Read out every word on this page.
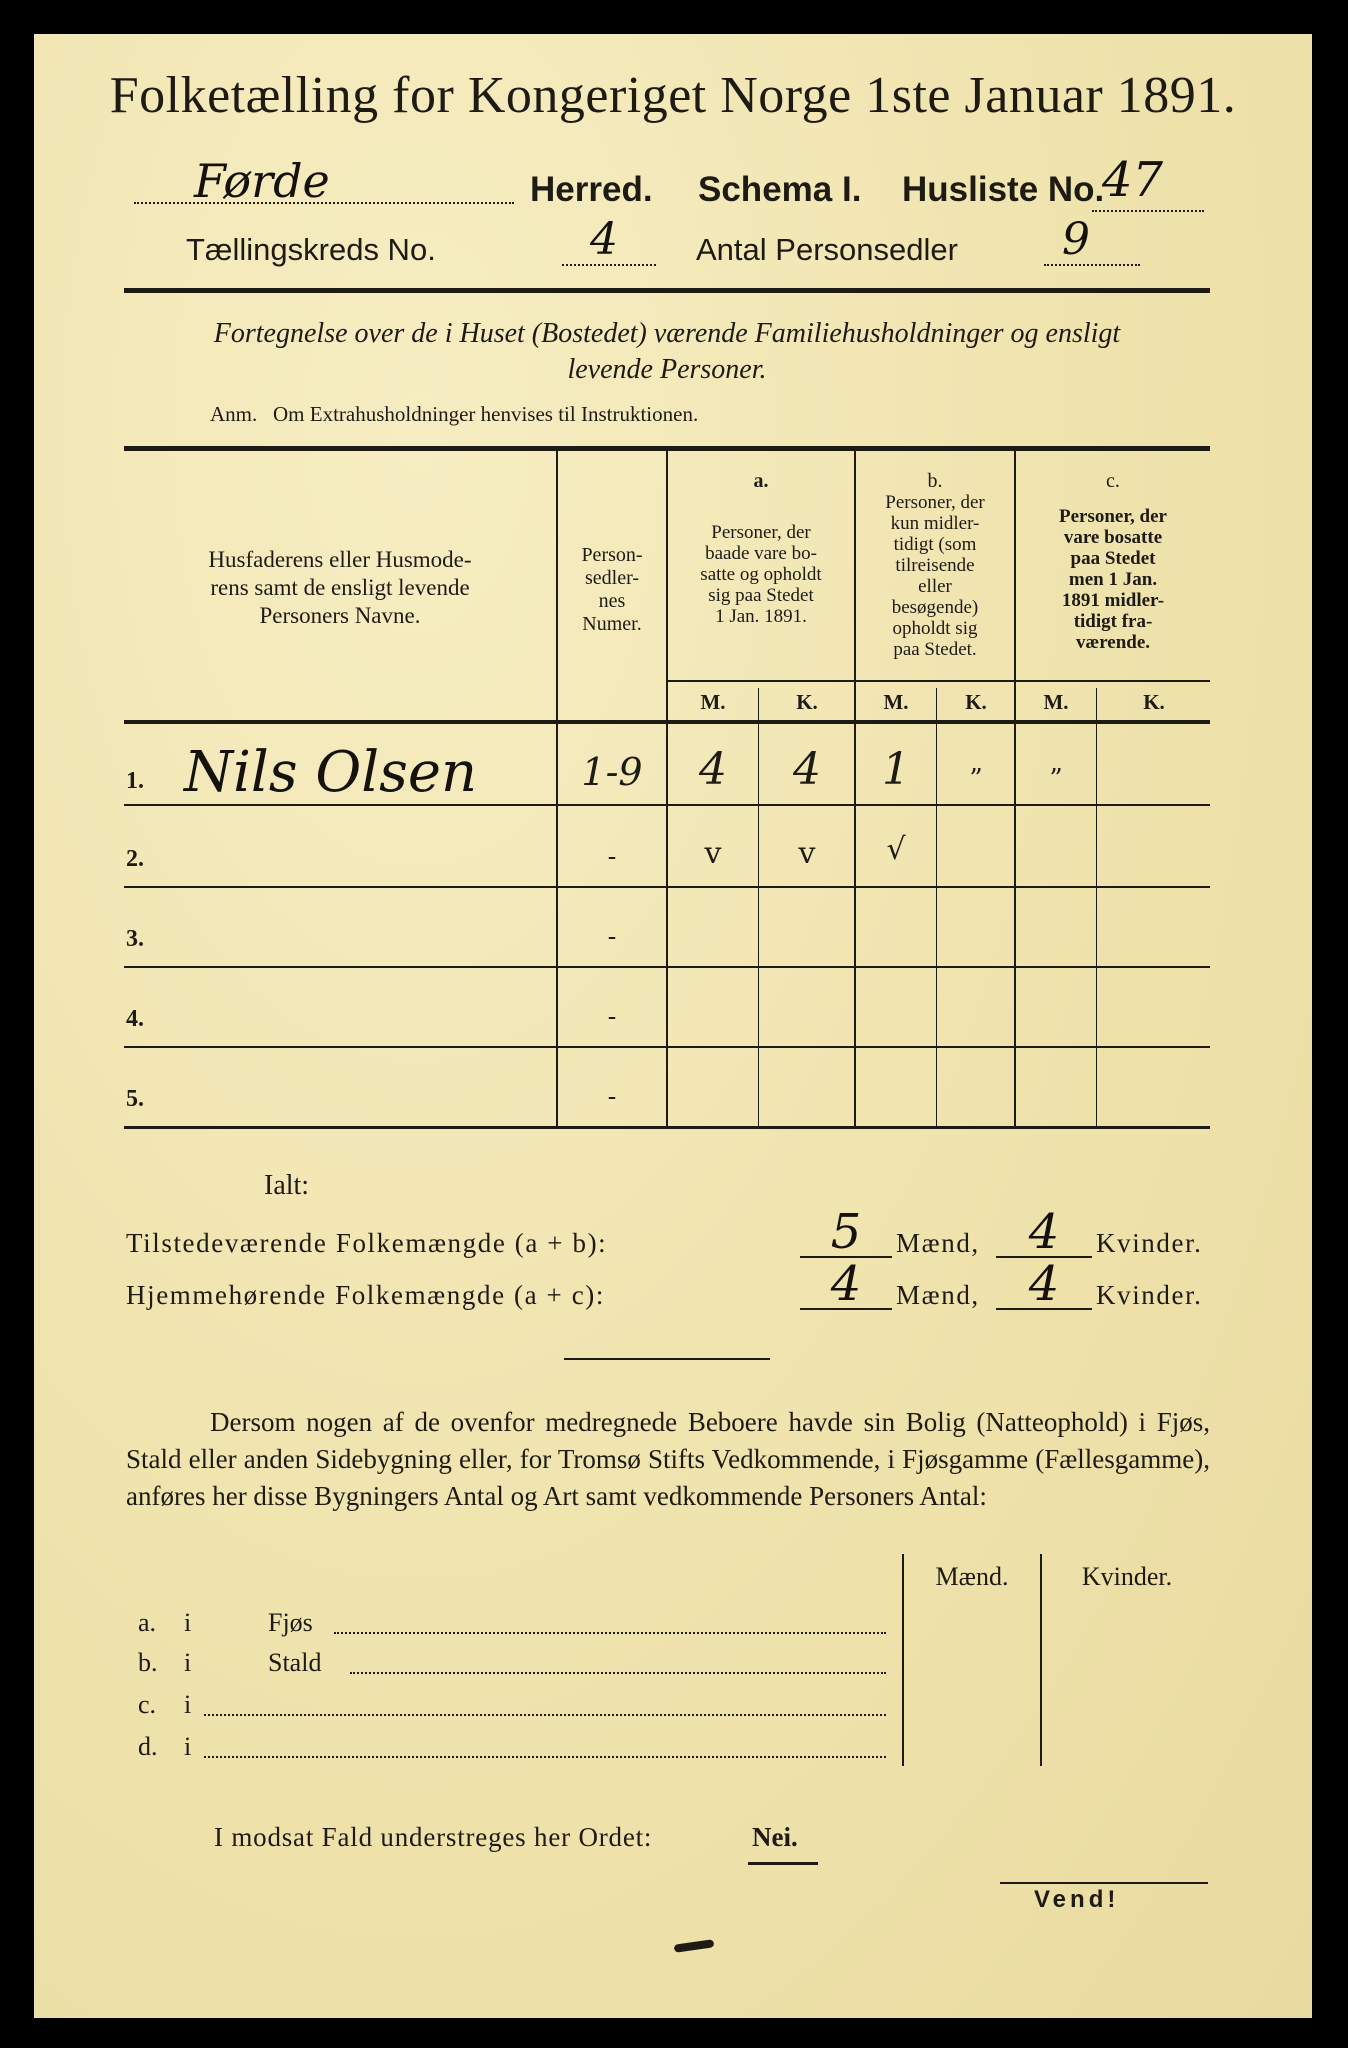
Folketælling for Kongeriget Norge 1ste Januar 1891.
Førde	Herred. Schema I. Husliste No.
47
Tællingskreds No.	4	Antal Personsedler 9
Fortegnelse over de i Huset (Bostedet) værende Familiehusholdninger og ensligt
levende Personer.
Anm.   Om Extrahusholdninger henvises til Instruktionen.
Husfaderens eller Husmode-
rens samt de ensligt levende
Personers Navne.
Person-
sedler-
nes
Numer.
a.
Personer, der
baade vare bo-
satte og opholdt
sig paa Stedet
1 Jan. 1891.
b.
Personer, der
kun midler-
tidigt (som
tilreisende
eller
besøgende)
opholdt sig
paa Stedet.
c.
Personer, der
vare bosatte
paa Stedet
men 1 Jan.
1891 midler-
tidigt fra-
værende.
M.	K.	M.	K.	M.	K.
1. Nils Olsen	1-9	4	4	1	”	”
2.	-	v	v	√
3.	-
4.	-
5.	-
Ialt:
Tilstedeværende Folkemængde (a + b):	5	Mænd,	4	Kvinder.
Hjemmehørende Folkemængde (a + c):	4	Mænd,	4	Kvinder.
Dersom nogen af de ovenfor medregnede Beboere havde sin Bolig (Natteophold) i Fjøs, Stald eller anden Sidebygning eller, for Tromsø Stifts Vedkommende, i Fjøsgamme (Fællesgamme), anføres her disse Bygningers Antal og Art samt vedkommende Personers Antal:
Mænd.	Kvinder.
a. i	Fjøs
b. i	Stald
c. i
d. i
I modsat Fald understreges her Ordet:	Nei.
Vend!
